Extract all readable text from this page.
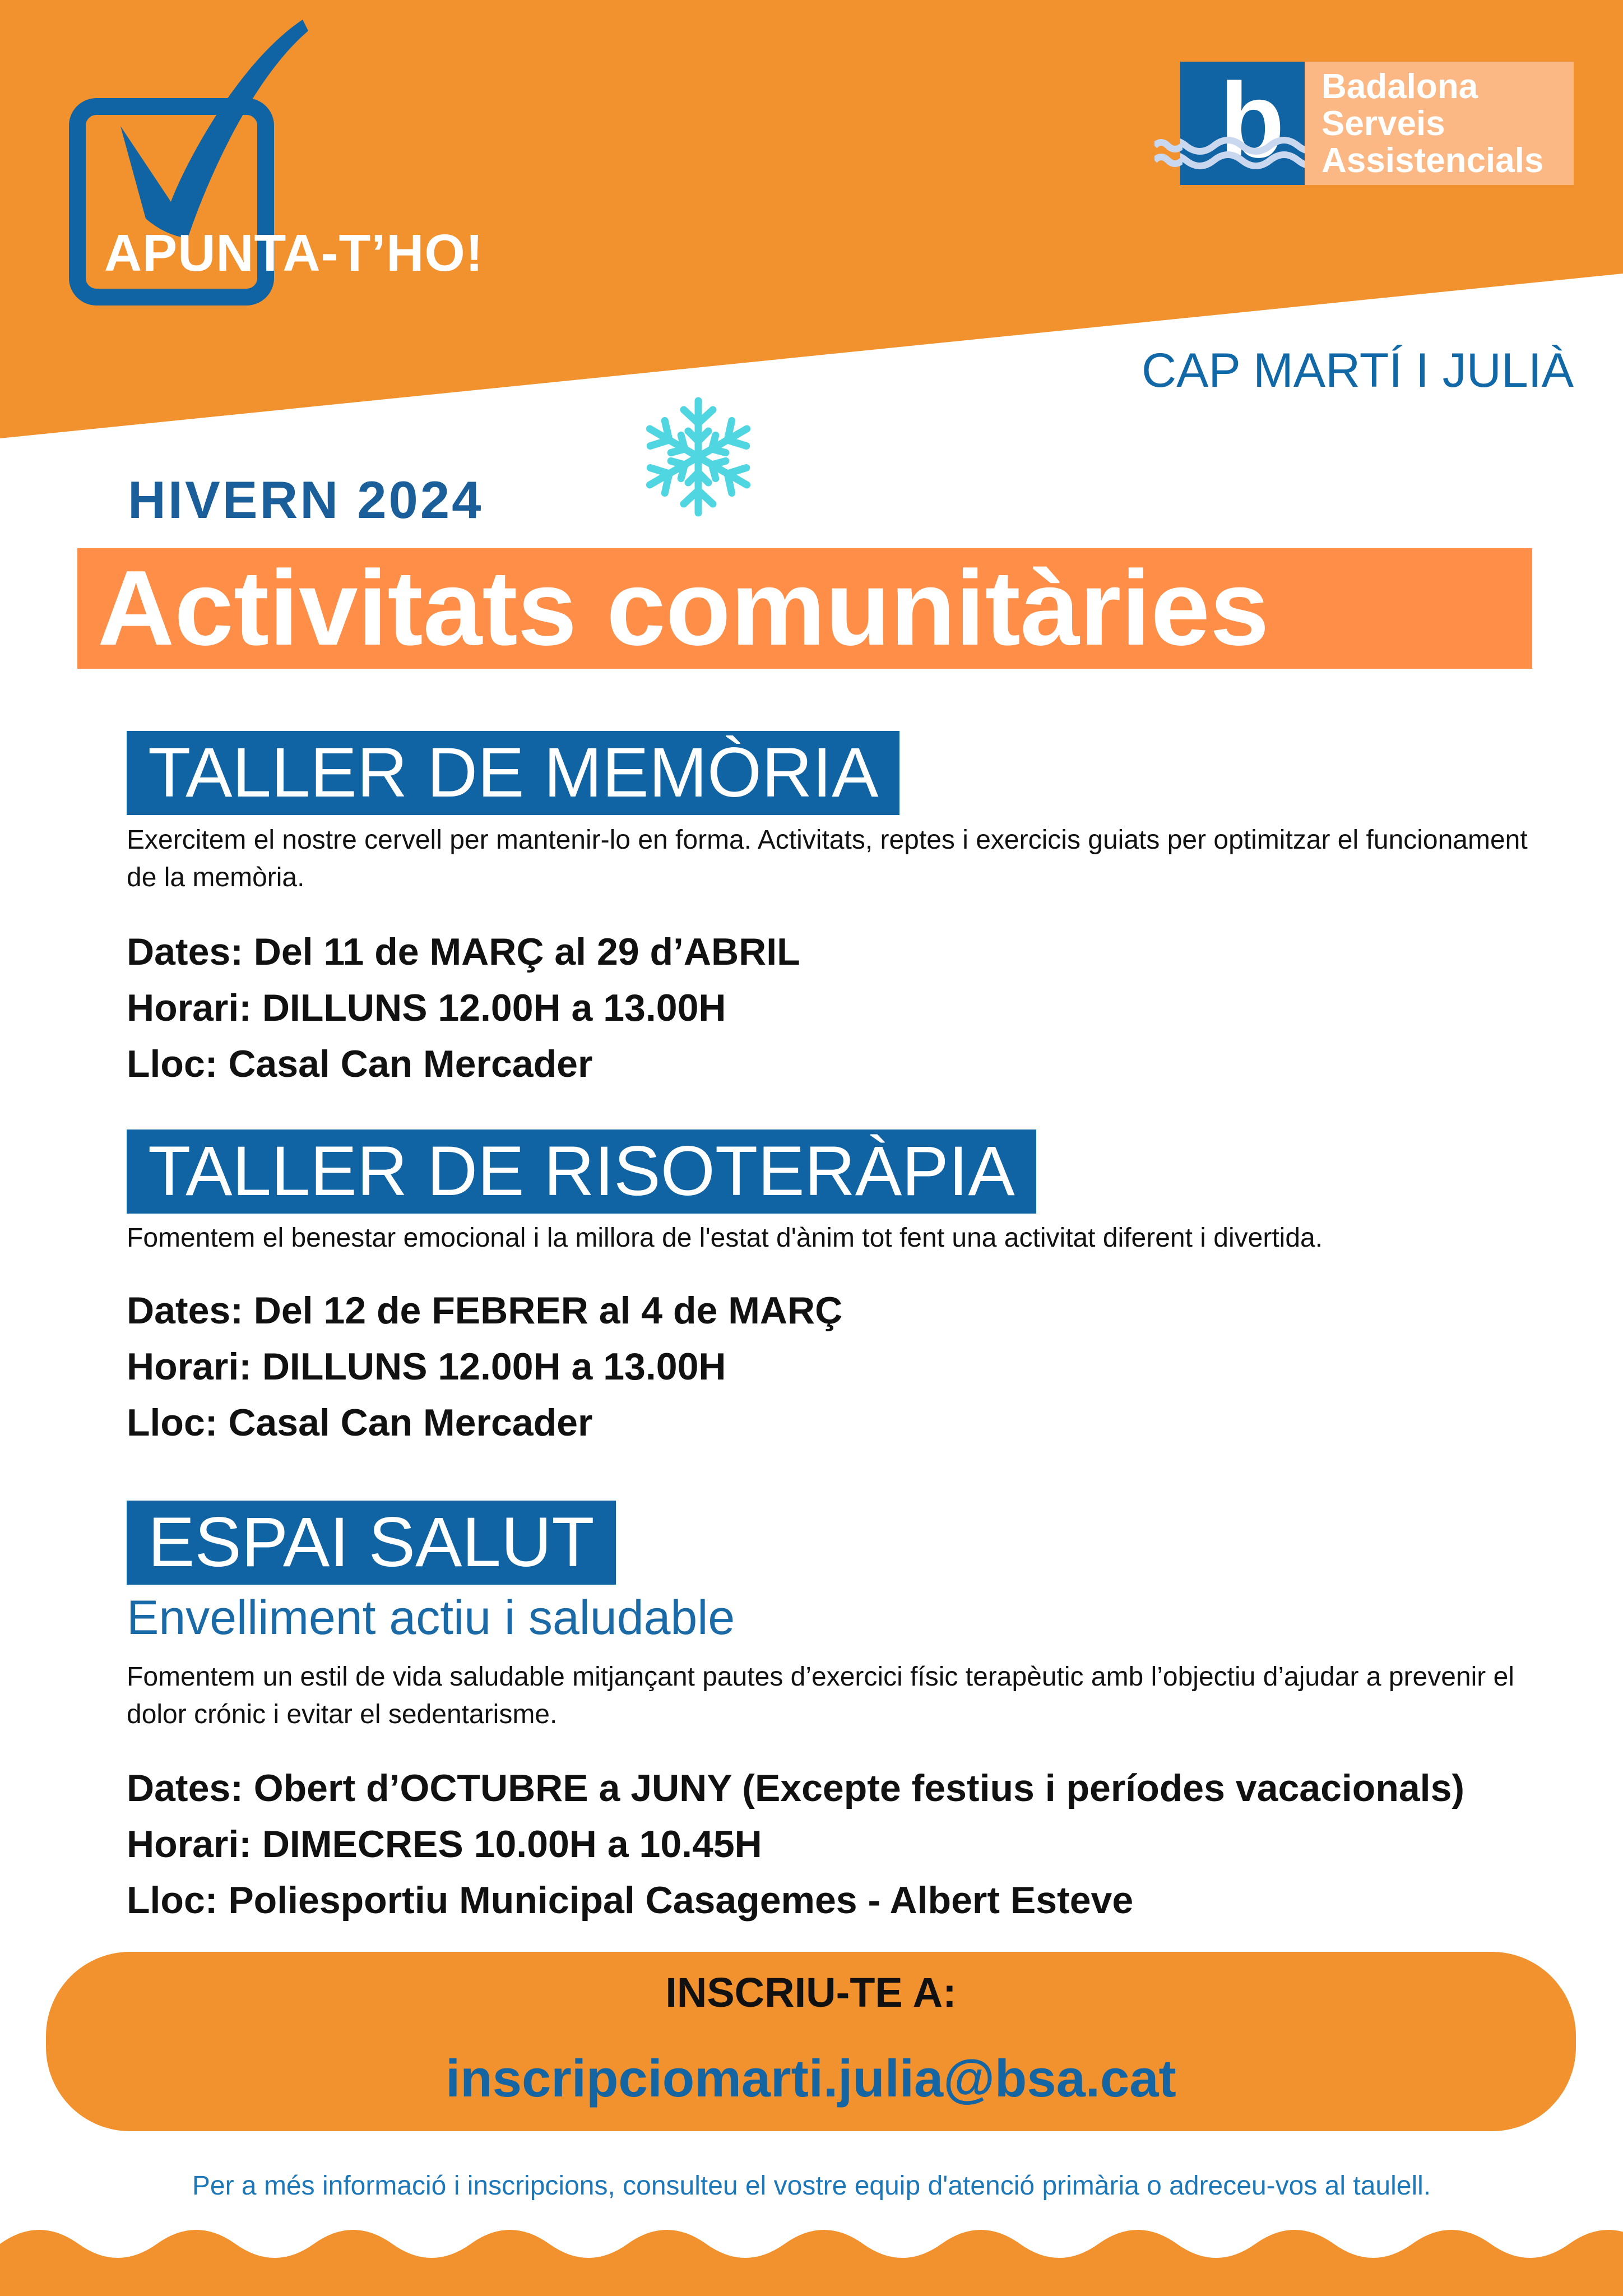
APUNTA-T’HO!
b Badalona
Serveis
Assistencials
CAP MARTÍ I JULIÀ
HIVERN 2024
Activitats comunitàries
TALLER DE MEMÒRIA
Exercitem el nostre cervell per mantenir-lo en forma. Activitats, reptes i exercicis guiats per optimitzar el funcionament de la memòria.
Dates: Del 11 de MARÇ al 29 d’ABRIL
Horari: DILLUNS 12.00H a 13.00H
Lloc: Casal Can Mercader
TALLER DE RISOTERÀPIA
Fomentem el benestar emocional i la millora de l'estat d'ànim tot fent una activitat diferent i divertida.
Dates: Del 12 de FEBRER al 4 de MARÇ
Horari: DILLUNS 12.00H a 13.00H
Lloc: Casal Can Mercader
ESPAI SALUT
Envelliment actiu i saludable
Fomentem un estil de vida saludable mitjançant pautes d’exercici físic terapèutic amb l’objectiu d’ajudar a prevenir el dolor crónic i evitar el sedentarisme.
Dates: Obert d’OCTUBRE a JUNY (Excepte festius i períodes vacacionals)
Horari: DIMECRES 10.00H a 10.45H
Lloc: Poliesportiu Municipal Casagemes - Albert Esteve
INSCRIU-TE A:
inscripciomarti.julia@bsa.cat
Per a més informació i inscripcions, consulteu el vostre equip d'atenció primària o adreceu-vos al taulell.
